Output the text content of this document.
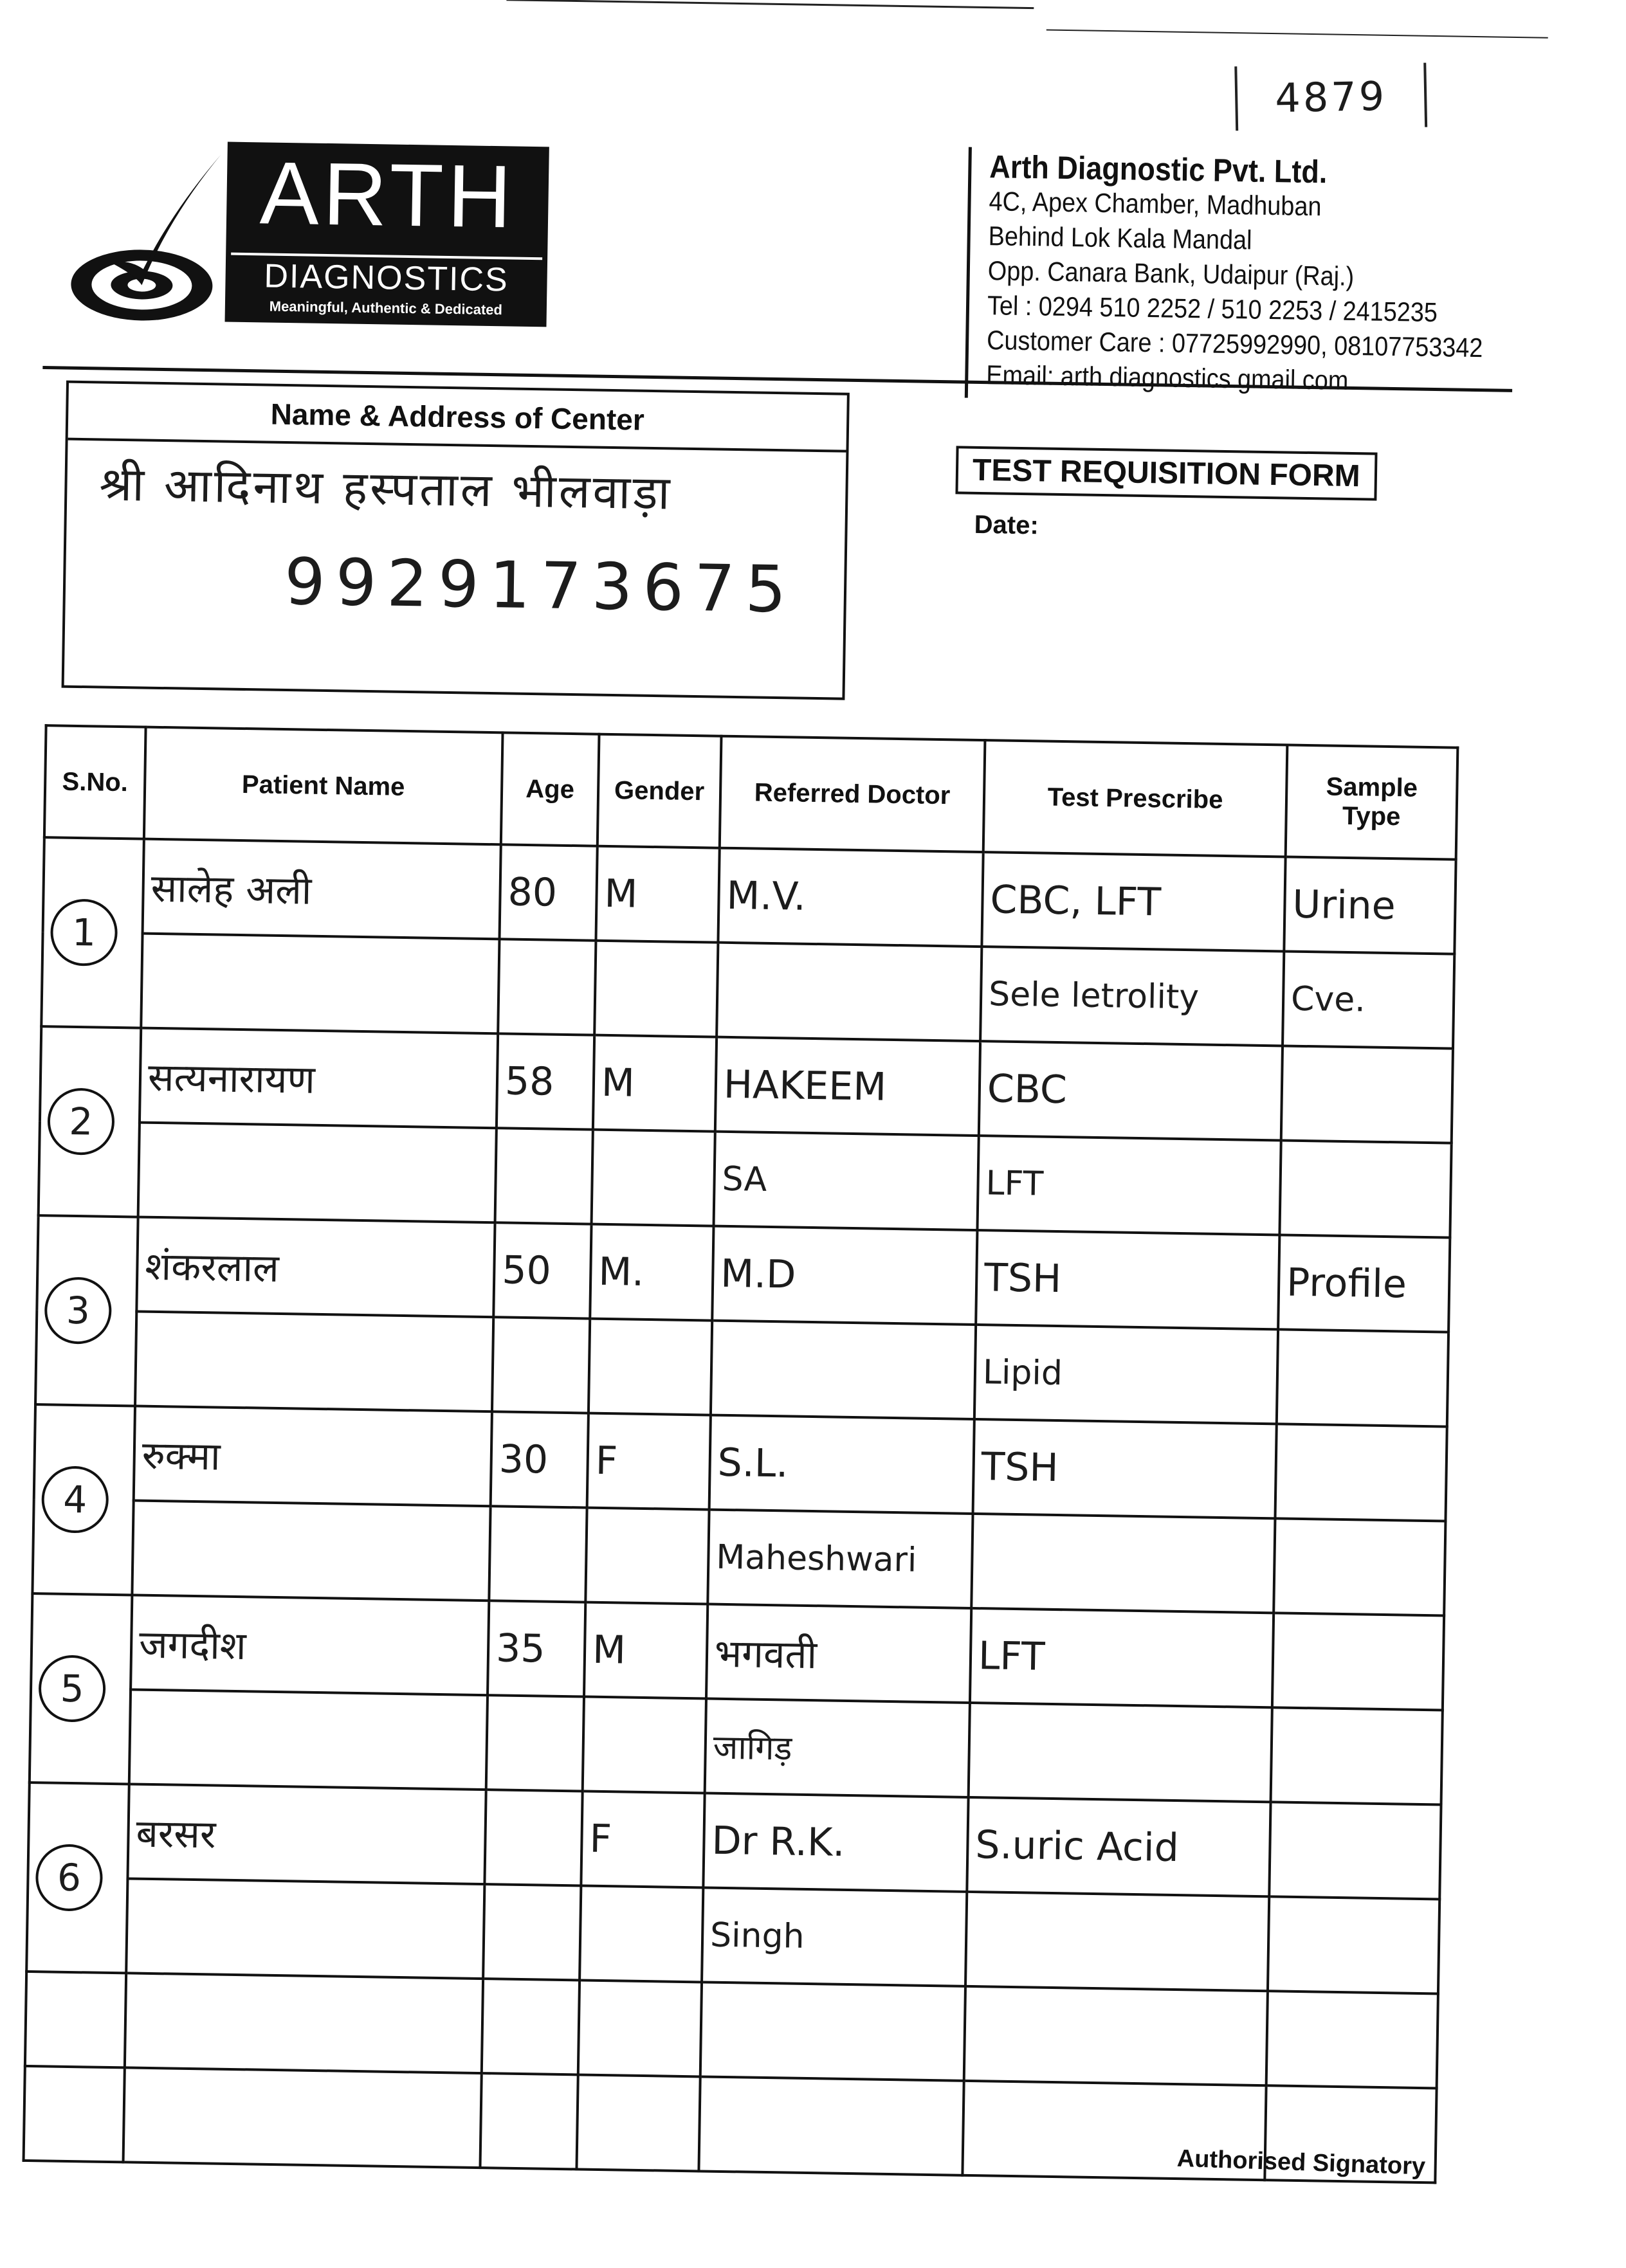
4879
ARTH
DIAGNOSTICS
Meaningful, Authentic & Dedicated
Arth Diagnostic Pvt. Ltd.
4C, Apex Chamber, Madhuban
Behind Lok Kala Mandal
Opp. Canara Bank, Udaipur (Raj.)
Tel : 0294 510 2252 / 510 2253 / 2415235
Customer Care : 07725992990, 08107753342
Email: arth.diagnostics.gmail.com
Name & Address of Center
श्री आदिनाथ हस्पताल भीलवाड़ा
9929173675
TEST REQUISITION FORM
Date:
S.No.	Patient Name	Age	Gender	Referred Doctor	Test Prescribe	Sample Type
1	सालेह अली	80	M	M.V.	CBC, LFT	Urine
					Sele letrolity	Cve.
2	सत्यनारायण	58	M	HAKEEM	CBC	
				SA	LFT	
3	शंकरलाल	50	M.	M.D	TSH	Profile
					Lipid	
4	रुक्मा	30	F	S.L.	TSH	
				Maheshwari		
5	जगदीश	35	M	भगवती	LFT	
				जागिड़		
6	बरसर		F	Dr R.K.	S.uric Acid	
				Singh		

Authorised Signatory
